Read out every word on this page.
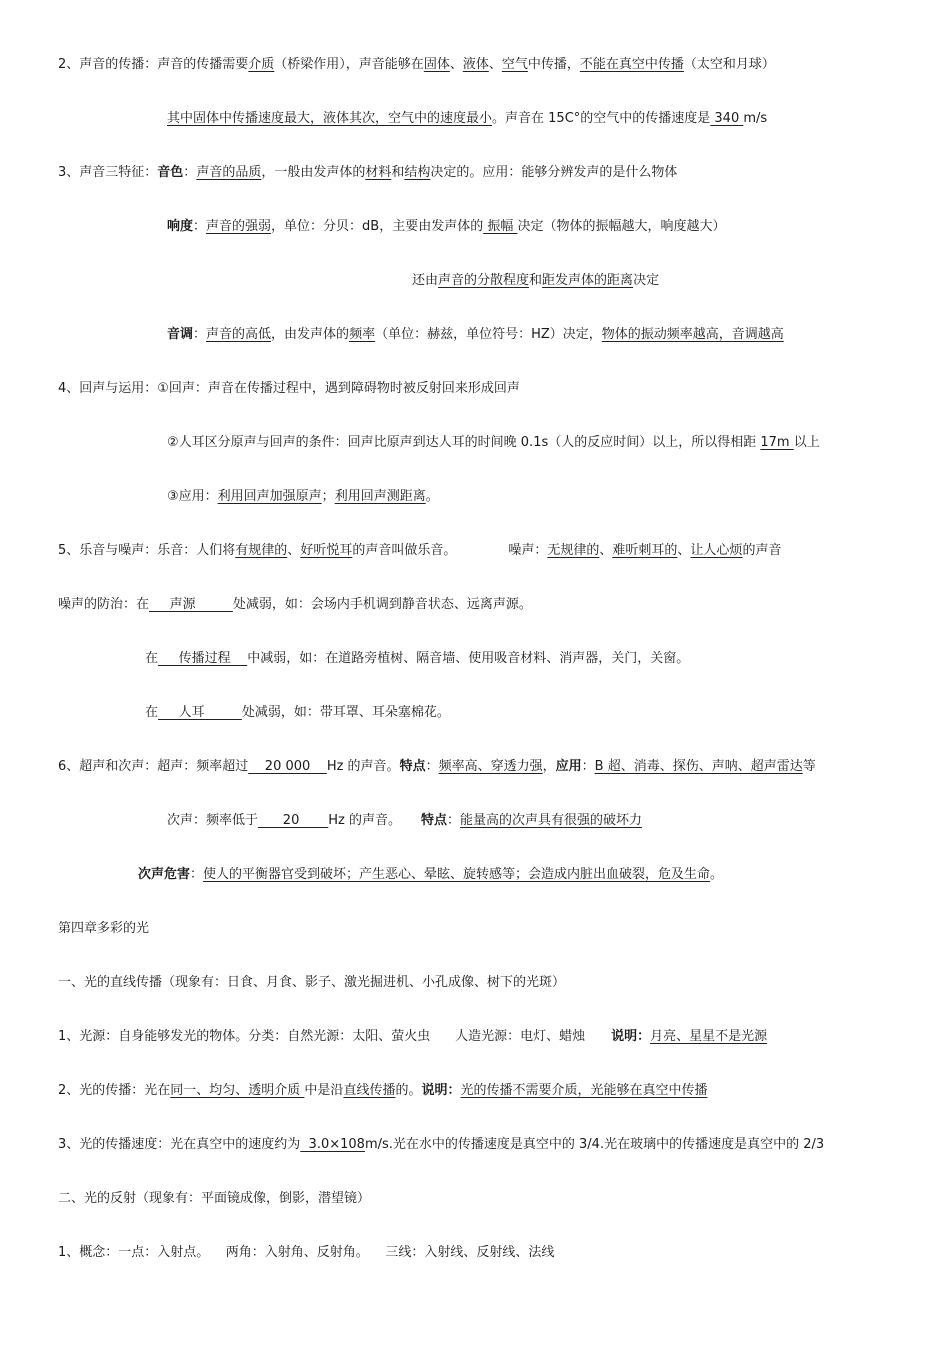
2、声音的传播：声音的传播需要介质（桥梁作用），声音能够在固体、液体、空气中传播，不能在真空中传播（太空和月球）
其中固体中传播速度最大，液体其次，空气中的速度最小。声音在 15C°的空气中的传播速度是 340 m/s
3、声音三特征：音色：声音的品质，一般由发声体的材料和结构决定的。应用：能够分辨发声的是什么物体
响度：声音的强弱，单位：分贝：dB，主要由发声体的 振幅 决定（物体的振幅越大，响度越大）
还由声音的分散程度和距发声体的距离决定
音调：声音的高低，由发声体的频率（单位：赫兹，单位符号：HZ）决定，物体的振动频率越高，音调越高
4、回声与运用：①回声：声音在传播过程中，遇到障碍物时被反射回来形成回声
②人耳区分原声与回声的条件：回声比原声到达人耳的时间晚 0.1s（人的反应时间）以上，所以得相距 17m 以上
③应用：利用回声加强原声；利用回声测距离。
5、乐音与噪声：乐音：人们将有规律的、好听悦耳的声音叫做乐音。	噪声：无规律的、难听刺耳的、让人心烦的声音
噪声的防治：在     声源         处减弱，如：会场内手机调到静音状态、远离声源。
在     传播过程    中减弱，如：在道路旁植树、隔音墙、使用吸音材料、消声器，关门，关窗。
在     人耳         处减弱，如：带耳罩、耳朵塞棉花。
6、超声和次声：超声：频率超过    20 000    Hz 的声音。特点：频率高、穿透力强，应用：B 超、消毒、探伤、声呐、超声雷达等
次声：频率低于      20       Hz 的声音。 特点：能量高的次声具有很强的破坏力
次声危害：使人的平衡器官受到破坏；产生恶心、晕眩、旋转感等；会造成内脏出血破裂，危及生命。
第四章多彩的光
一、光的直线传播（现象有：日食、月食、影子、激光掘进机、小孔成像、树下的光斑）
1、光源：自身能够发光的物体。分类：自然光源：太阳、萤火虫      人造光源：电灯、蜡烛 说明：月亮、星星不是光源
2、光的传播：光在同一、均匀、透明介质 中是沿直线传播的。说明：光的传播不需要介质，光能够在真空中传播
3、光的传播速度：光在真空中的速度约为  3.0×108m/s.光在水中的传播速度是真空中的 3/4.光在玻璃中的传播速度是真空中的 2/3
二、光的反射（现象有：平面镜成像，倒影，潜望镜）
1、概念：一点：入射点。    两角：入射角、反射角。    三线：入射线、反射线、法线
